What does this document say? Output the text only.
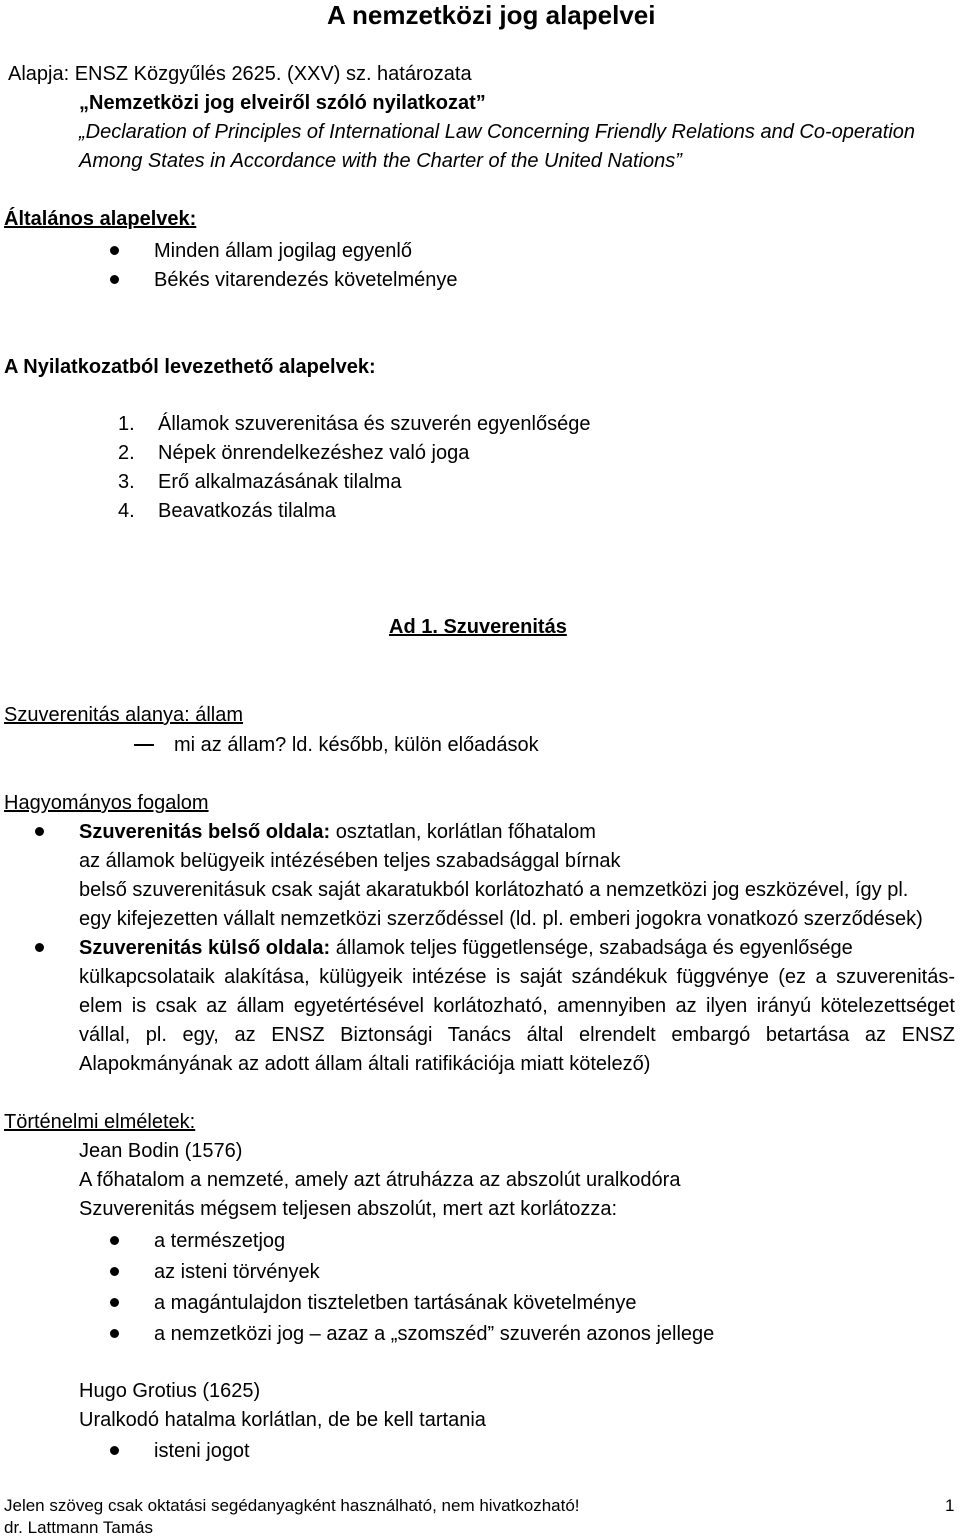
A nemzetközi jog alapelvei
Alapja: ENSZ Közgyűlés 2625. (XXV) sz. határozata
„Nemzetközi jog elveiről szóló nyilatkozat”
„Declaration of Principles of International Law Concerning Friendly Relations and Co-operation
Among States in Accordance with the Charter of the United Nations”
Általános alapelvek:
Minden állam jogilag egyenlő
Békés vitarendezés követelménye
A Nyilatkozatból levezethető alapelvek:
1. Államok szuverenitása és szuverén egyenlősége
2. Népek önrendelkezéshez való joga
3. Erő alkalmazásának tilalma
4. Beavatkozás tilalma
Ad 1. Szuverenitás
Szuverenitás alanya: állam
mi az állam? ld. később, külön előadások
Hagyományos fogalom
Szuverenitás belső oldala: osztatlan, korlátlan főhatalom
az államok belügyeik intézésében teljes szabadsággal bírnak
belső szuverenitásuk csak saját akaratukból korlátozható a nemzetközi jog eszközével, így pl.
egy kifejezetten vállalt nemzetközi szerződéssel (ld. pl. emberi jogokra vonatkozó szerződések)
Szuverenitás külső oldala: államok teljes függetlensége, szabadsága és egyenlősége
külkapcsolataik alakítása, külügyeik intézése is saját szándékuk függvénye (ez a szuverenitás-
elem is csak az állam egyetértésével korlátozható, amennyiben az ilyen irányú kötelezettséget
vállal, pl. egy, az ENSZ Biztonsági Tanács által elrendelt embargó betartása az ENSZ
Alapokmányának az adott állam általi ratifikációja miatt kötelező)
Történelmi elméletek:
Jean Bodin (1576)
A főhatalom a nemzeté, amely azt átruházza az abszolút uralkodóra
Szuverenitás mégsem teljesen abszolút, mert azt korlátozza:
a természetjog
az isteni törvények
a magántulajdon tiszteletben tartásának követelménye
a nemzetközi jog – azaz a „szomszéd” szuverén azonos jellege
Hugo Grotius (1625)
Uralkodó hatalma korlátlan, de be kell tartania
isteni jogot
Jelen szöveg csak oktatási segédanyagként használható, nem hivatkozható!	1
dr. Lattmann Tamás
